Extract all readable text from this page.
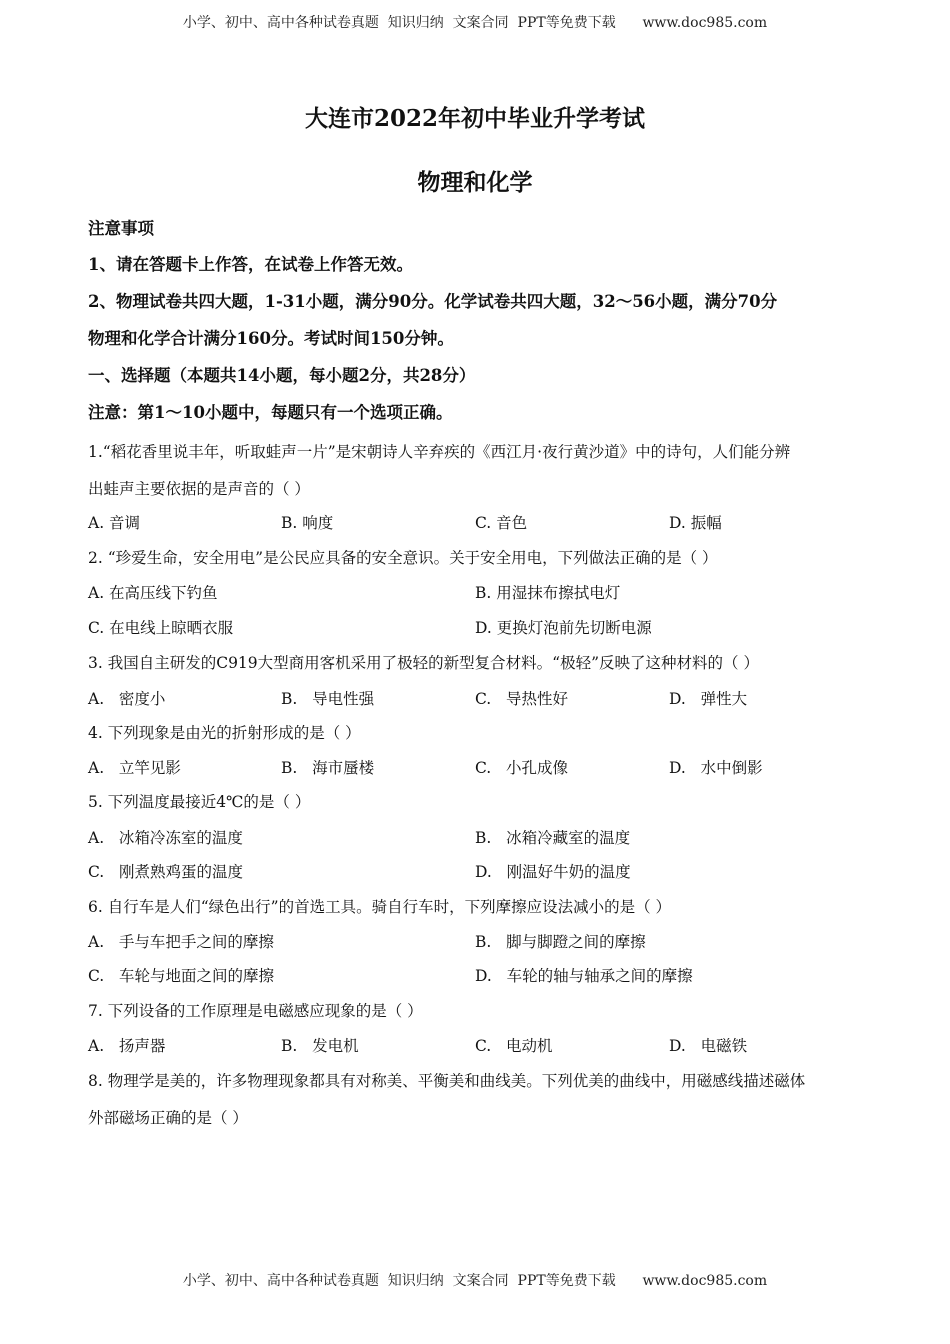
小学、初中、高中各种试卷真题  知识归纳  文案合同  PPT等免费下载      www.doc985.com
大连市2022年初中毕业升学考试
物理和化学
注意事项
1、请在答题卡上作答，在试卷上作答无效。
2、物理试卷共四大题，1-31小题，满分90分。化学试卷共四大题，32～56小题，满分70分
物理和化学合计满分160分。考试时间150分钟。
一、选择题（本题共14小题，每小题2分，共28分）
注意：第1～10小题中，每题只有一个选项正确。
1.“稻花香里说丰年，听取蛙声一片”是宋朝诗人辛弃疾的《西江月·夜行黄沙道》中的诗句，人们能分辨
出蛙声主要依据的是声音的（ ）
A. 音调	B. 响度	C. 音色	D. 振幅
2. “珍爱生命，安全用电”是公民应具备的安全意识。关于安全用电，下列做法正确的是（ ）
A. 在高压线下钓鱼	B. 用湿抹布擦拭电灯
C. 在电线上晾晒衣服	D. 更换灯泡前先切断电源
3. 我国自主研发的C919大型商用客机采用了极轻的新型复合材料。“极轻”反映了这种材料的（ ）
A.   密度小	B.   导电性强	C.   导热性好	D.   弹性大
4. 下列现象是由光的折射形成的是（ ）
A.   立竿见影	B.   海市蜃楼	C.   小孔成像	D.   水中倒影
5. 下列温度最接近4℃的是（ ）
A.   冰箱冷冻室的温度	B.   冰箱冷藏室的温度
C.   刚煮熟鸡蛋的温度	D.   刚温好牛奶的温度
6. 自行车是人们“绿色出行”的首选工具。骑自行车时，下列摩擦应设法减小的是（ ）
A.   手与车把手之间的摩擦	B.   脚与脚蹬之间的摩擦
C.   车轮与地面之间的摩擦	D.   车轮的轴与轴承之间的摩擦
7. 下列设备的工作原理是电磁感应现象的是（ ）
A.   扬声器	B.   发电机	C.   电动机	D.   电磁铁
8. 物理学是美的，许多物理现象都具有对称美、平衡美和曲线美。下列优美的曲线中，用磁感线描述磁体
外部磁场正确的是（ ）
小学、初中、高中各种试卷真题  知识归纳  文案合同  PPT等免费下载      www.doc985.com
